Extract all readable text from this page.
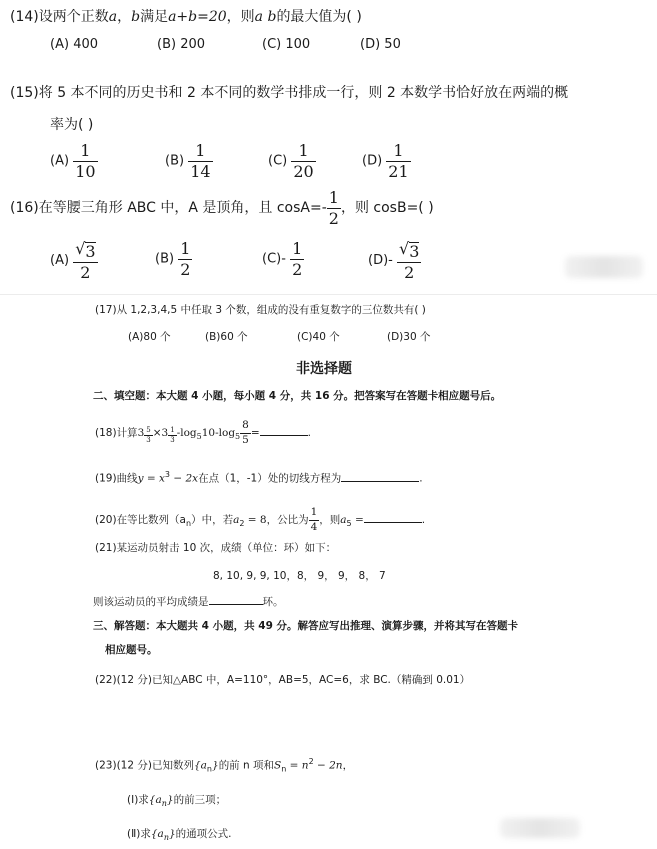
(14)设两个正数a，b满足a+b=20，则a b的最大值为( )
(A) 400	(B) 200	(C) 100	(D) 50
(15)将 5 本不同的历史书和 2 本不同的数学书排成一行，则 2 本数学书恰好放在两端的概
率为( )
$(A) \frac{1}{10}$	$(B) \frac{1}{14}$	$(C) \frac{1}{20}$	$(D) \frac{1}{21}$
(16)在等腰三角形 ABC 中，A 是顶角，且 $\cos A=- \frac{1}{2}$ ，则 cosB=( )
$(A) \frac{√ 3}{2}$	$(B) \frac{1}{2}$	$(C)- \frac{1}{2}$	$(D)- \frac{√ 3}{2}$
(17)从 1,2,3,4,5 中任取 3 个数，组成的没有重复数字的三位数共有( )
(A)80 个	(B)60 个	(C)40 个	(D)30 个
非选择题
二、填空题：本大题 4 小题，每小题 4 分，共 16 分。把答案写在答题卡相应题号后。
(18)计算$3 \frac{5}{3} \times 3 \frac{1}{3} -\log_510-\log_5 \frac{8}{5}$ =	.
(19)曲线$y = x^3 - 2x$在点（1，-1）处的切线方程为	.
(20)在等比数列$(a_n)$中，若$a_2 = 8$，公比为 $\frac{1}{4}$ ，则$a_5$ =	.
(21)某运动员射击 10 次，成绩（单位：环）如下：
8, 10, 9, 9, 10，8， 9， 9， 8， 7
则该运动员的平均成绩是	环。
三、解答题：本大题共 4 小题，共 49 分。解答应写出推理、演算步骤，并将其写在答题卡
相应题号。
(22)(12 分)已知△ABC 中，A=110°，AB=5，AC=6，求 BC.（精确到 0.01）
(23)(12 分)已知数列$\{a_n\}$的前 n 项和$S_n = n^2 - 2n$，
(Ⅰ)求$\{a_n\}$的前三项；
(Ⅱ)求$\{a_n\}$的通项公式.
